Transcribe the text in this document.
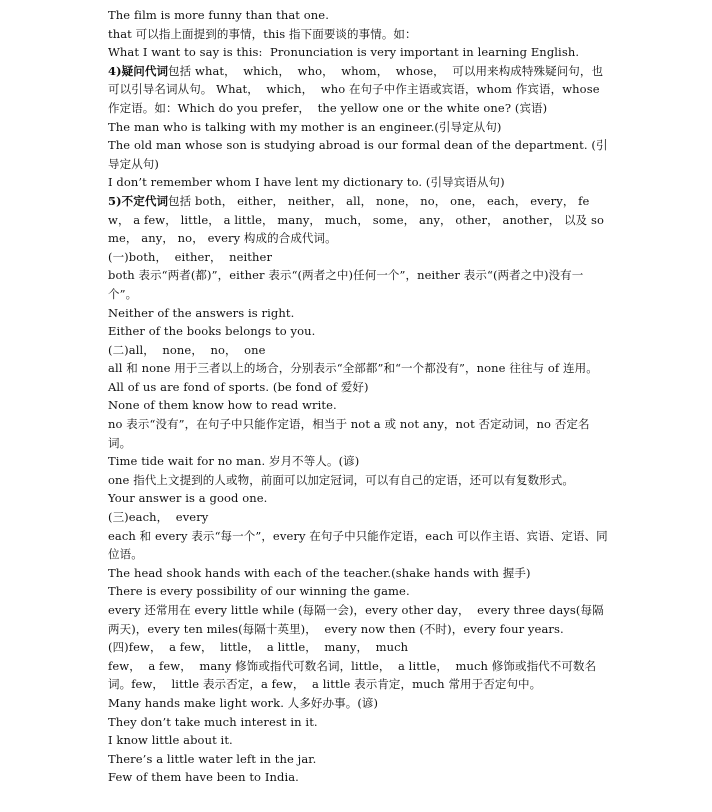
The film is more funny than that one.

that 可以指上面提到的事情，this 指下面要谈的事情。如：

What I want to say is this:  Pronunciation is very important in learning English.

4)疑问代词包括 what，  which，  who，  whom，  whose，  可以用来构成特殊疑问句，也可以引导名词从句。 What，  which，  who 在句子中作主语或宾语，whom 作宾语，whose 作定语。如：Which do you prefer，  the yellow one or the white one? (宾语)

The man who is talking with my mother is an engineer.(引导定从句)

The old man whose son is studying abroad is our formal dean of the department. (引导定从句)

I don’t remember whom I have lent my dictionary to. (引导宾语从句)

5)不定代词包括 both， either， neither， all， none， no， one， each， every， few， a few， little， a little， many， much， some， any， other， another， 以及 some， any， no， every 构成的合成代词。

(一)both，  either，  neither

both 表示“两者(都)”，either 表示“(两者之中)任何一个”，neither 表示“(两者之中)没有一个”。

Neither of the answers is right.

Either of the books belongs to you.

(二)all，  none，  no，  one

all 和 none 用于三者以上的场合，分别表示“全部都”和“一个都没有”，none 往往与 of 连用。

All of us are fond of sports. (be fond of 爱好)

None of them know how to read write.

no 表示“没有”，在句子中只能作定语，相当于 not a 或 not any，not 否定动词，no 否定名词。

Time tide wait for no man. 岁月不等人。(谚)

one 指代上文提到的人或物，前面可以加定冠词，可以有自己的定语，还可以有复数形式。

Your answer is a good one.

(三)each，  every

each 和 every 表示“每一个”，every 在句子中只能作定语，each 可以作主语、宾语、定语、同位语。

The head shook hands with each of the teacher.(shake hands with 握手)

There is every possibility of our winning the game.

every 还常用在 every little while (每隔一会)，every other day，  every three days(每隔两天)，every ten miles(每隔十英里)，  every now then (不时)，every four years.

(四)few，  a few，  little，  a little，  many，  much

few，  a few，  many 修饰或指代可数名词，little，  a little，  much 修饰或指代不可数名词。few，  little 表示否定，a few，  a little 表示肯定，much 常用于否定句中。

Many hands make light work. 人多好办事。(谚)

They don’t take much interest in it.

I know little about it.

There’s a little water left in the jar.

Few of them have been to India.
